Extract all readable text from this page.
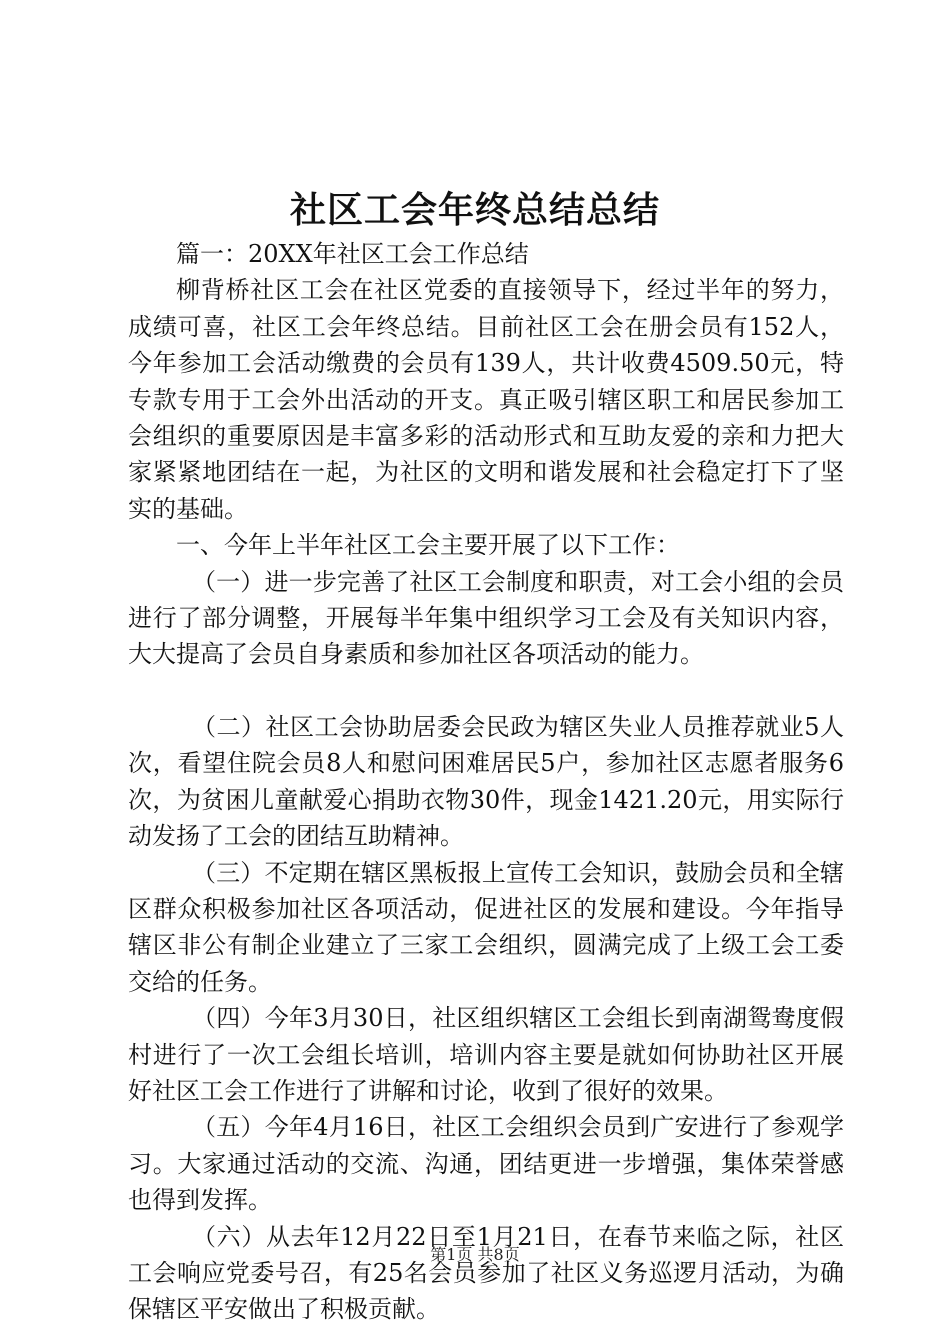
社区工会年终总结总结

篇一：20XX年社区工会工作总结

柳背桥社区工会在社区党委的直接领导下，经过半年的努力，成绩可喜，社区工会年终总结。目前社区工会在册会员有152人，今年参加工会活动缴费的会员有139人，共计收费4509.50元，特专款专用于工会外出活动的开支。真正吸引辖区职工和居民参加工会组织的重要原因是丰富多彩的活动形式和互助友爱的亲和力把大家紧紧地团结在一起，为社区的文明和谐发展和社会稳定打下了坚实的基础。

一、今年上半年社区工会主要开展了以下工作：

（一）进一步完善了社区工会制度和职责，对工会小组的会员进行了部分调整，开展每半年集中组织学习工会及有关知识内容，大大提高了会员自身素质和参加社区各项活动的能力。

（二）社区工会协助居委会民政为辖区失业人员推荐就业5人次，看望住院会员8人和慰问困难居民5户，参加社区志愿者服务6次，为贫困儿童献爱心捐助衣物30件，现金1421.20元，用实际行动发扬了工会的团结互助精神。

（三）不定期在辖区黑板报上宣传工会知识，鼓励会员和全辖区群众积极参加社区各项活动，促进社区的发展和建设。今年指导辖区非公有制企业建立了三家工会组织，圆满完成了上级工会工委交给的任务。

（四）今年3月30日，社区组织辖区工会组长到南湖鸳鸯度假村进行了一次工会组长培训，培训内容主要是就如何协助社区开展好社区工会工作进行了讲解和讨论，收到了很好的效果。

（五）今年4月16日，社区工会组织会员到广安进行了参观学习。大家通过活动的交流、沟通，团结更进一步增强，集体荣誉感也得到发挥。

（六）从去年12月22日至1月21日，在春节来临之际，社区工会响应党委号召，有25名会员参加了社区义务巡逻月活动，为确保辖区平安做出了积极贡献。

第1页 共8页
